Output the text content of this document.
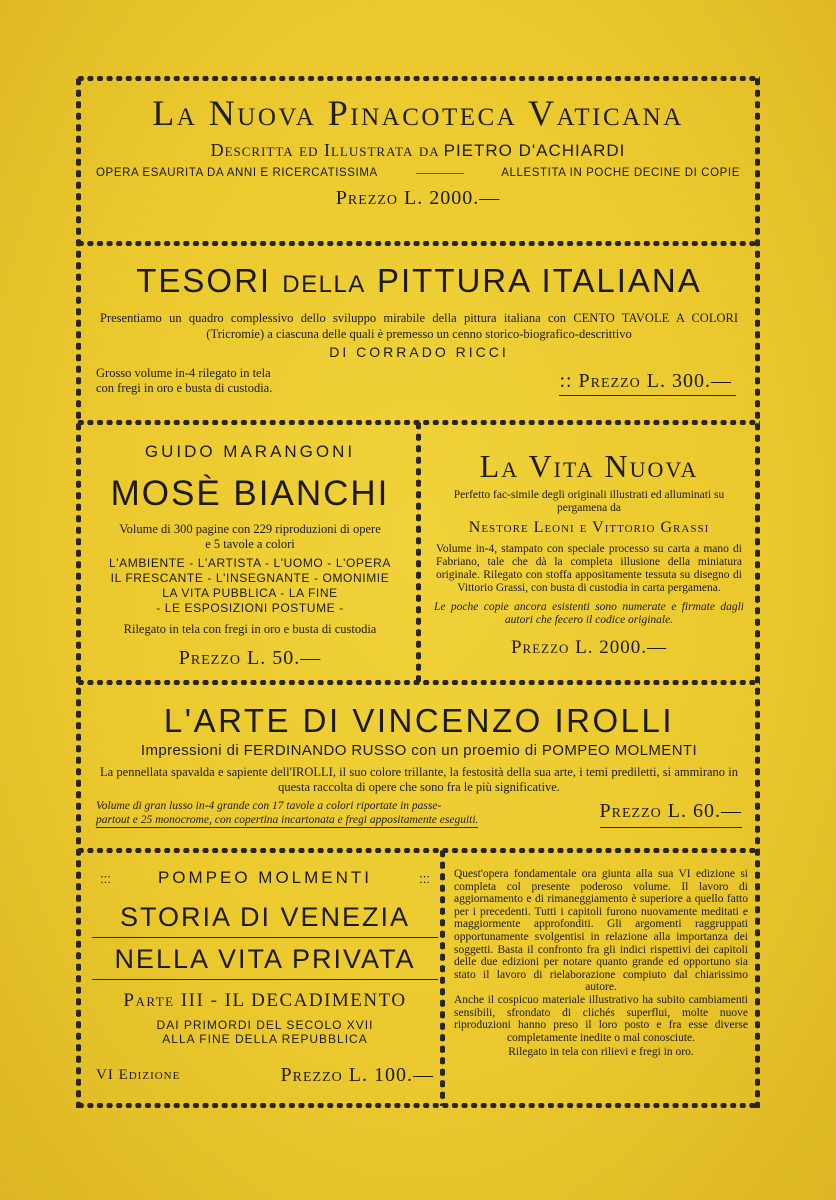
La Nuova Pinacoteca Vaticana
Descritta ed Illustrata da PIETRO D'ACHIARDI
OPERA ESAURITA DA ANNI E RICERCATISSIMA	ALLESTITA IN POCHE DECINE DI COPIE
Prezzo L. 2000.—
TESORI DELLA PITTURA ITALIANA
Presentiamo un quadro complessivo dello sviluppo mirabile della pittura italiana con CENTO TAVOLE A COLORI (Tricromie) a ciascuna delle quali è premesso un cenno storico-biografico-descrittivo
DI CORRADO RICCI
Grosso volume in-4 rilegato in tela
con fregi in oro e busta di custodia.	:: Prezzo L. 300.—
GUIDO MARANGONI
MOSÈ BIANCHI
Volume di 300 pagine con 229 riproduzioni di opere
e 5 tavole a colori
L'AMBIENTE - L'ARTISTA - L'UOMO - L'OPERA
IL FRESCANTE - L'INSEGNANTE - OMONIMIE
LA VITA PUBBLICA - LA FINE
- LE ESPOSIZIONI POSTUME -
Rilegato in tela con fregi in oro e busta di custodia
Prezzo L. 50.—
La Vita Nuova
Perfetto fac-simile degli originali illustrati ed alluminati su pergamena da
Nestore Leoni e Vittorio Grassi
Volume in-4, stampato con speciale processo su carta a mano di Fabriano, tale che dà la completa illusione della miniatura originale. Rilegato con stoffa appositamente tessuta su disegno di Vittorio Grassi, con busta di custodia in carta pergamena.
Le poche copie ancora esistenti sono numerate e firmate dagli autori che fecero il codice originale.
Prezzo L. 2000.—
L'ARTE DI VINCENZO IROLLI
Impressioni di FERDINANDO RUSSO con un proemio di POMPEO MOLMENTI
La pennellata spavalda e sapiente dell'IROLLI, il suo colore trillante, la festosità della sua arte, i temi prediletti, si ammirano in questa raccolta di opere che sono fra le più significative.
Volume di gran lusso in-4 grande con 17 tavole a colori riportate in passe-
partout e 25 monocrome, con copertina incartonata e fregi appositamente eseguiti.	Prezzo L. 60.—
:::	POMPEO MOLMENTI	:::
STORIA DI VENEZIA
NELLA VITA PRIVATA
Parte III - IL DECADIMENTO
DAI PRIMORDI DEL SECOLO XVII
ALLA FINE DELLA REPUBBLICA
VI Edizione	Prezzo L. 100.—
Quest'opera fondamentale ora giunta alla sua VI edizione si completa col presente poderoso volume. Il lavoro di aggiornamento e di rimaneggiamento è superiore a quello fatto per i precedenti. Tutti i capitoli furono nuovamente meditati e maggiormente approfonditi. Gli argomenti raggruppati opportunamente svolgentisi in relazione alla importanza dei soggetti. Basta il confronto fra gli indici rispettivi dei capitoli delle due edizioni per notare quanto grande ed opportuno sia stato il lavoro di rielaborazione compiuto dal chiarissimo autore.
Anche il cospicuo materiale illustrativo ha subito cambiamenti sensibili, sfrondato di clichés superflui, molte nuove riproduzioni hanno preso il loro posto e fra esse diverse completamente inedite o mal conosciute.
Rilegato in tela con rilievi e fregi in oro.
